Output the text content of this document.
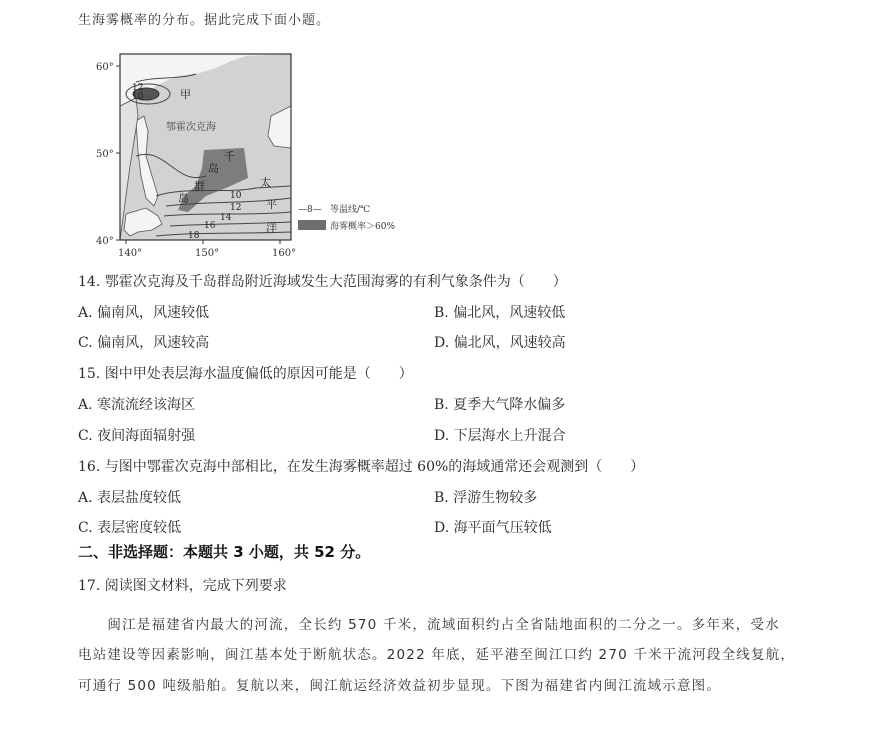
生海雾概率的分布。据此完成下面小题。
60°
50°
40°
140°	150°	160°
鄂霍次克海
甲
12
10
千
岛
群
岛
太
平
洋
10
12
14
16
18
—8— 等温线/℃
海雾概率＞60%
14. 鄂霍次克海及千岛群岛附近海域发生大范围海雾的有利气象条件为（　　）
A. 偏南风，风速较低	B. 偏北风，风速较低
C. 偏南风，风速较高	D. 偏北风，风速较高
15. 图中甲处表层海水温度偏低的原因可能是（　　）
A. 寒流流经该海区	B. 夏季大气降水偏多
C. 夜间海面辐射强	D. 下层海水上升混合
16. 与图中鄂霍次克海中部相比，在发生海雾概率超过 60%的海域通常还会观测到（　　）
A. 表层盐度较低	B. 浮游生物较多
C. 表层密度较低	D. 海平面气压较低
二、非选择题：本题共 3 小题，共 52 分。
17. 阅读图文材料，完成下列要求
　　闽江是福建省内最大的河流，全长约 570 千米，流域面积约占全省陆地面积的二分之一。多年来，受水
电站建设等因素影响，闽江基本处于断航状态。2022 年底，延平港至闽江口约 270 千米干流河段全线复航，
可通行 500 吨级船舶。复航以来，闽江航运经济效益初步显现。下图为福建省内闽江流域示意图。
